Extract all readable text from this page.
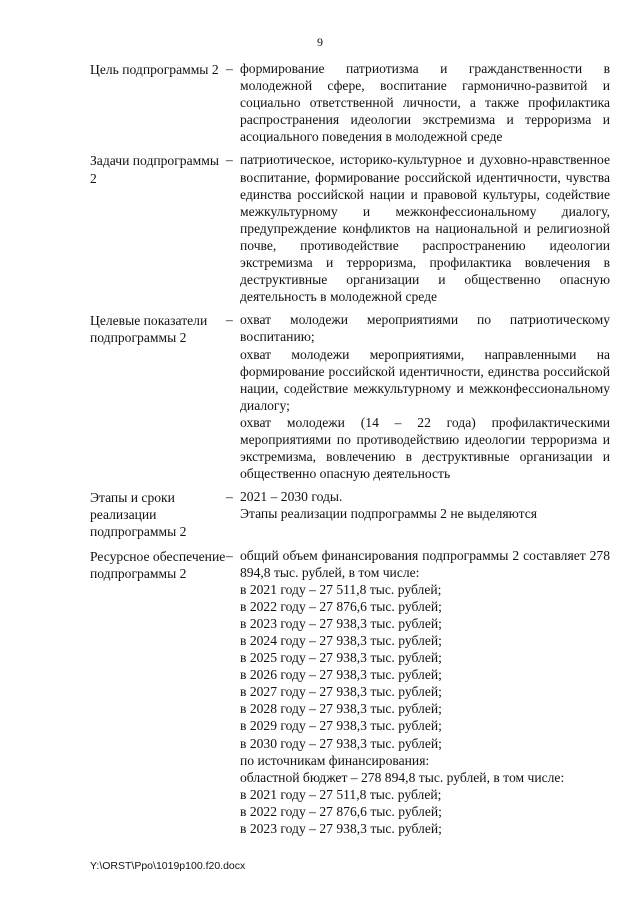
9
Цель подпрограммы 2 – формирование патриотизма и гражданственности в молодежной сфере, воспитание гармонично-развитой и социально ответственной личности, а также профилактика распространения идеологии экстремизма и терроризма и асоциального поведения в молодежной среде

Задачи подпрограммы 2
– патриотическое, историко-культурное и духовно-нравственное воспитание, формирование российской идентичности, чувства единства российской нации и правовой культуры, содействие межкультурному и межконфессиональному диалогу, предупреждение конфликтов на национальной и религиозной почве, противодействие распространению идеологии экстремизма и терроризма, профилактика вовлечения в деструктивные организации и общественно опасную деятельность в молодежной среде

Целевые показатели подпрограммы 2
– охват молодежи мероприятиями по патриотическому воспитанию;

охват молодежи мероприятиями, направленными на формирование российской идентичности, единства российской нации, содействие межкультурному и межконфессиональному диалогу;

охват молодежи (14 – 22 года) профилактическими мероприятиями по противодействию идеологии терроризма и экстремизма, вовлечению в деструктивные организации и общественно опасную деятельность

Этапы и сроки реализации подпрограммы 2
– 2021 – 2030 годы.

Этапы реализации подпрограммы 2 не выделяются

Ресурсное обеспечение подпрограммы 2
– общий объем финансирования подпрограммы 2 составляет 278 894,8 тыс. рублей, в том числе:

в 2021 году – 27 511,8 тыс. рублей;
в 2022 году – 27 876,6 тыс. рублей;
в 2023 году – 27 938,3 тыс. рублей;
в 2024 году – 27 938,3 тыс. рублей;
в 2025 году – 27 938,3 тыс. рублей;
в 2026 году – 27 938,3 тыс. рублей;
в 2027 году – 27 938,3 тыс. рублей;
в 2028 году – 27 938,3 тыс. рублей;
в 2029 году – 27 938,3 тыс. рублей;
в 2030 году – 27 938,3 тыс. рублей;
по источникам финансирования:
областной бюджет – 278 894,8 тыс. рублей, в том числе:
в 2021 году – 27 511,8 тыс. рублей;
в 2022 году – 27 876,6 тыс. рублей;
в 2023 году – 27 938,3 тыс. рублей;
Y:\ORST\Ppo\1019p100.f20.docx
